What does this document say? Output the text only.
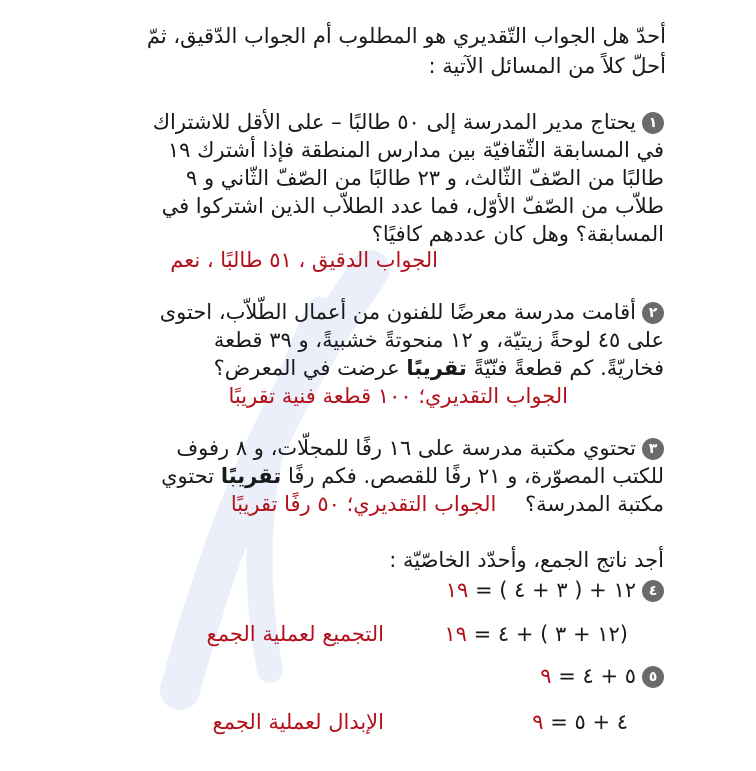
أحدّ هل الجواب التّقديري هو المطلوب أم الجواب الدّقيق، ثمّ
أحلّ كلاً من المسائل الآتية :
١يحتاج مدير المدرسة إلى ٥٠ طالبًا – على الأقل للاشتراك
في المسابقة الثّقافيّة بين مدارس المنطقة فإذا أشترك ١٩
طالبًا من الصّفّ الثّالث، و ٢٣ طالبًا من الصّفّ الثّاني و ٩
طلاّب من الصّفّ الأوّل، فما عدد الطلاّب الذين اشتركوا في
المسابقة؟ وهل كان عددهم كافيًا؟
الجواب الدقيق ، ٥١ طالبًا ، نعم
٢أقامت مدرسة معرضًا للفنون من أعمال الطّلاّب، احتوى
على ٤٥ لوحةً زيتيّة، و ١٢ منحوتةً خشبيةً، و ٣٩ قطعة
فخاريّةً. كم قطعةً فنّيّةً تقريبًا عرضت في المعرض؟
الجواب التقديري؛ ١٠٠ قطعة فنية تقريبًا
٣تحتوي مكتبة مدرسة على ١٦ رفًا للمجلّات، و ٨ رفوف
للكتب المصوّرة، و ٢١ رفًا للقصص. فكم رفًا تقريبًا تحتوي
مكتبة المدرسة؟ الجواب التقديري؛ ٥٠ رفًا تقريبًا
أجد ناتج الجمع، وأحدّد الخاصّيّة :
٤١٢ + ( ٣ + ٤ ) = ١٩
(١٢ + ٣ ) + ٤ = ١٩
التجميع لعملية الجمع
٥٥ + ٤ = ٩
٤ + ٥ = ٩
الإبدال لعملية الجمع
